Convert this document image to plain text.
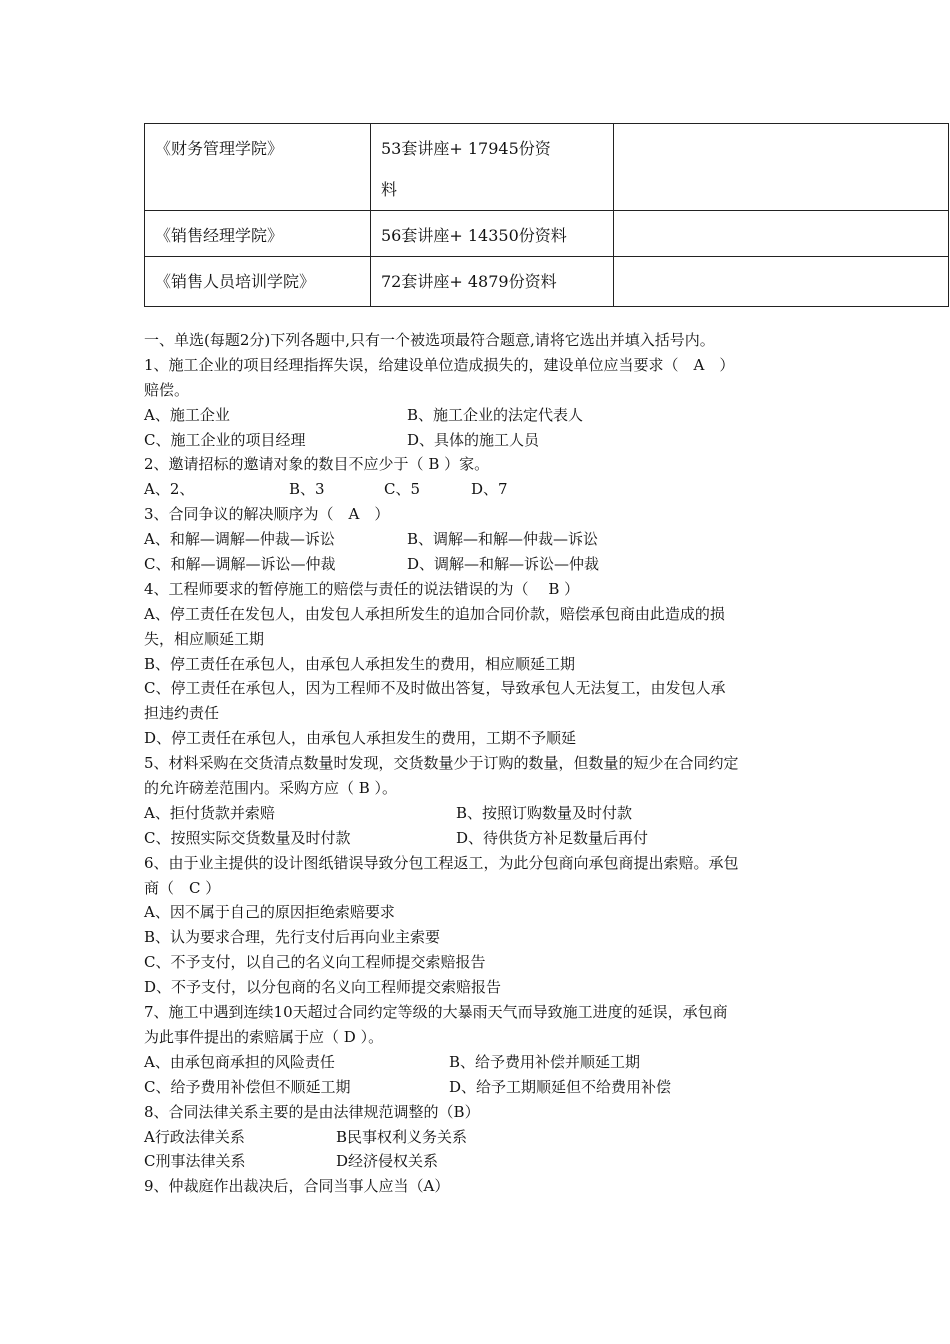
《财务管理学院》	53套讲座+ 17945份资
料	

《销售经理学院》	56套讲座+ 14350份资料	
《销售人员培训学院》	72套讲座+ 4879份资料	
一、单选(每题2分)下列各题中,只有一个被选项最符合题意,请将它选出并填入括号内。
1、施工企业的项目经理指挥失误，给建设单位造成损失的，建设单位应当要求（　A　）
赔偿。
A、施工企业	B、施工企业的法定代表人
C、施工企业的项目经理	D、具体的施工人员
2、邀请招标的邀请对象的数目不应少于（ B ）家。
A、2、	B、3	C、5	D、7
3、合同争议的解决顺序为（　A　）
A、和解—调解—仲裁—诉讼	B、调解—和解—仲裁—诉讼
C、和解—调解—诉讼—仲裁	D、调解—和解—诉讼—仲裁
4、工程师要求的暂停施工的赔偿与责任的说法错误的为（　 B ）
A、停工责任在发包人，由发包人承担所发生的追加合同价款，赔偿承包商由此造成的损
失，相应顺延工期
B、停工责任在承包人，由承包人承担发生的费用，相应顺延工期
C、停工责任在承包人，因为工程师不及时做出答复，导致承包人无法复工，由发包人承
担违约责任
D、停工责任在承包人，由承包人承担发生的费用，工期不予顺延
5、材料采购在交货清点数量时发现，交货数量少于订购的数量，但数量的短少在合同约定
的允许磅差范围内。采购方应（ B ）。
A、拒付货款并索赔	B、按照订购数量及时付款
C、按照实际交货数量及时付款	D、待供货方补足数量后再付
6、由于业主提供的设计图纸错误导致分包工程返工，为此分包商向承包商提出索赔。承包
商（　C ）
A、因不属于自己的原因拒绝索赔要求
B、认为要求合理，先行支付后再向业主索要
C、不予支付，以自己的名义向工程师提交索赔报告
D、不予支付，以分包商的名义向工程师提交索赔报告
7、施工中遇到连续10天超过合同约定等级的大暴雨天气而导致施工进度的延误，承包商
为此事件提出的索赔属于应（ D ）。
A、由承包商承担的风险责任	B、给予费用补偿并顺延工期
C、给予费用补偿但不顺延工期	D、给予工期顺延但不给费用补偿
8、合同法律关系主要的是由法律规范调整的（B）
A行政法律关系	B民事权利义务关系
C刑事法律关系	D经济侵权关系
9、仲裁庭作出裁决后，合同当事人应当（A）
